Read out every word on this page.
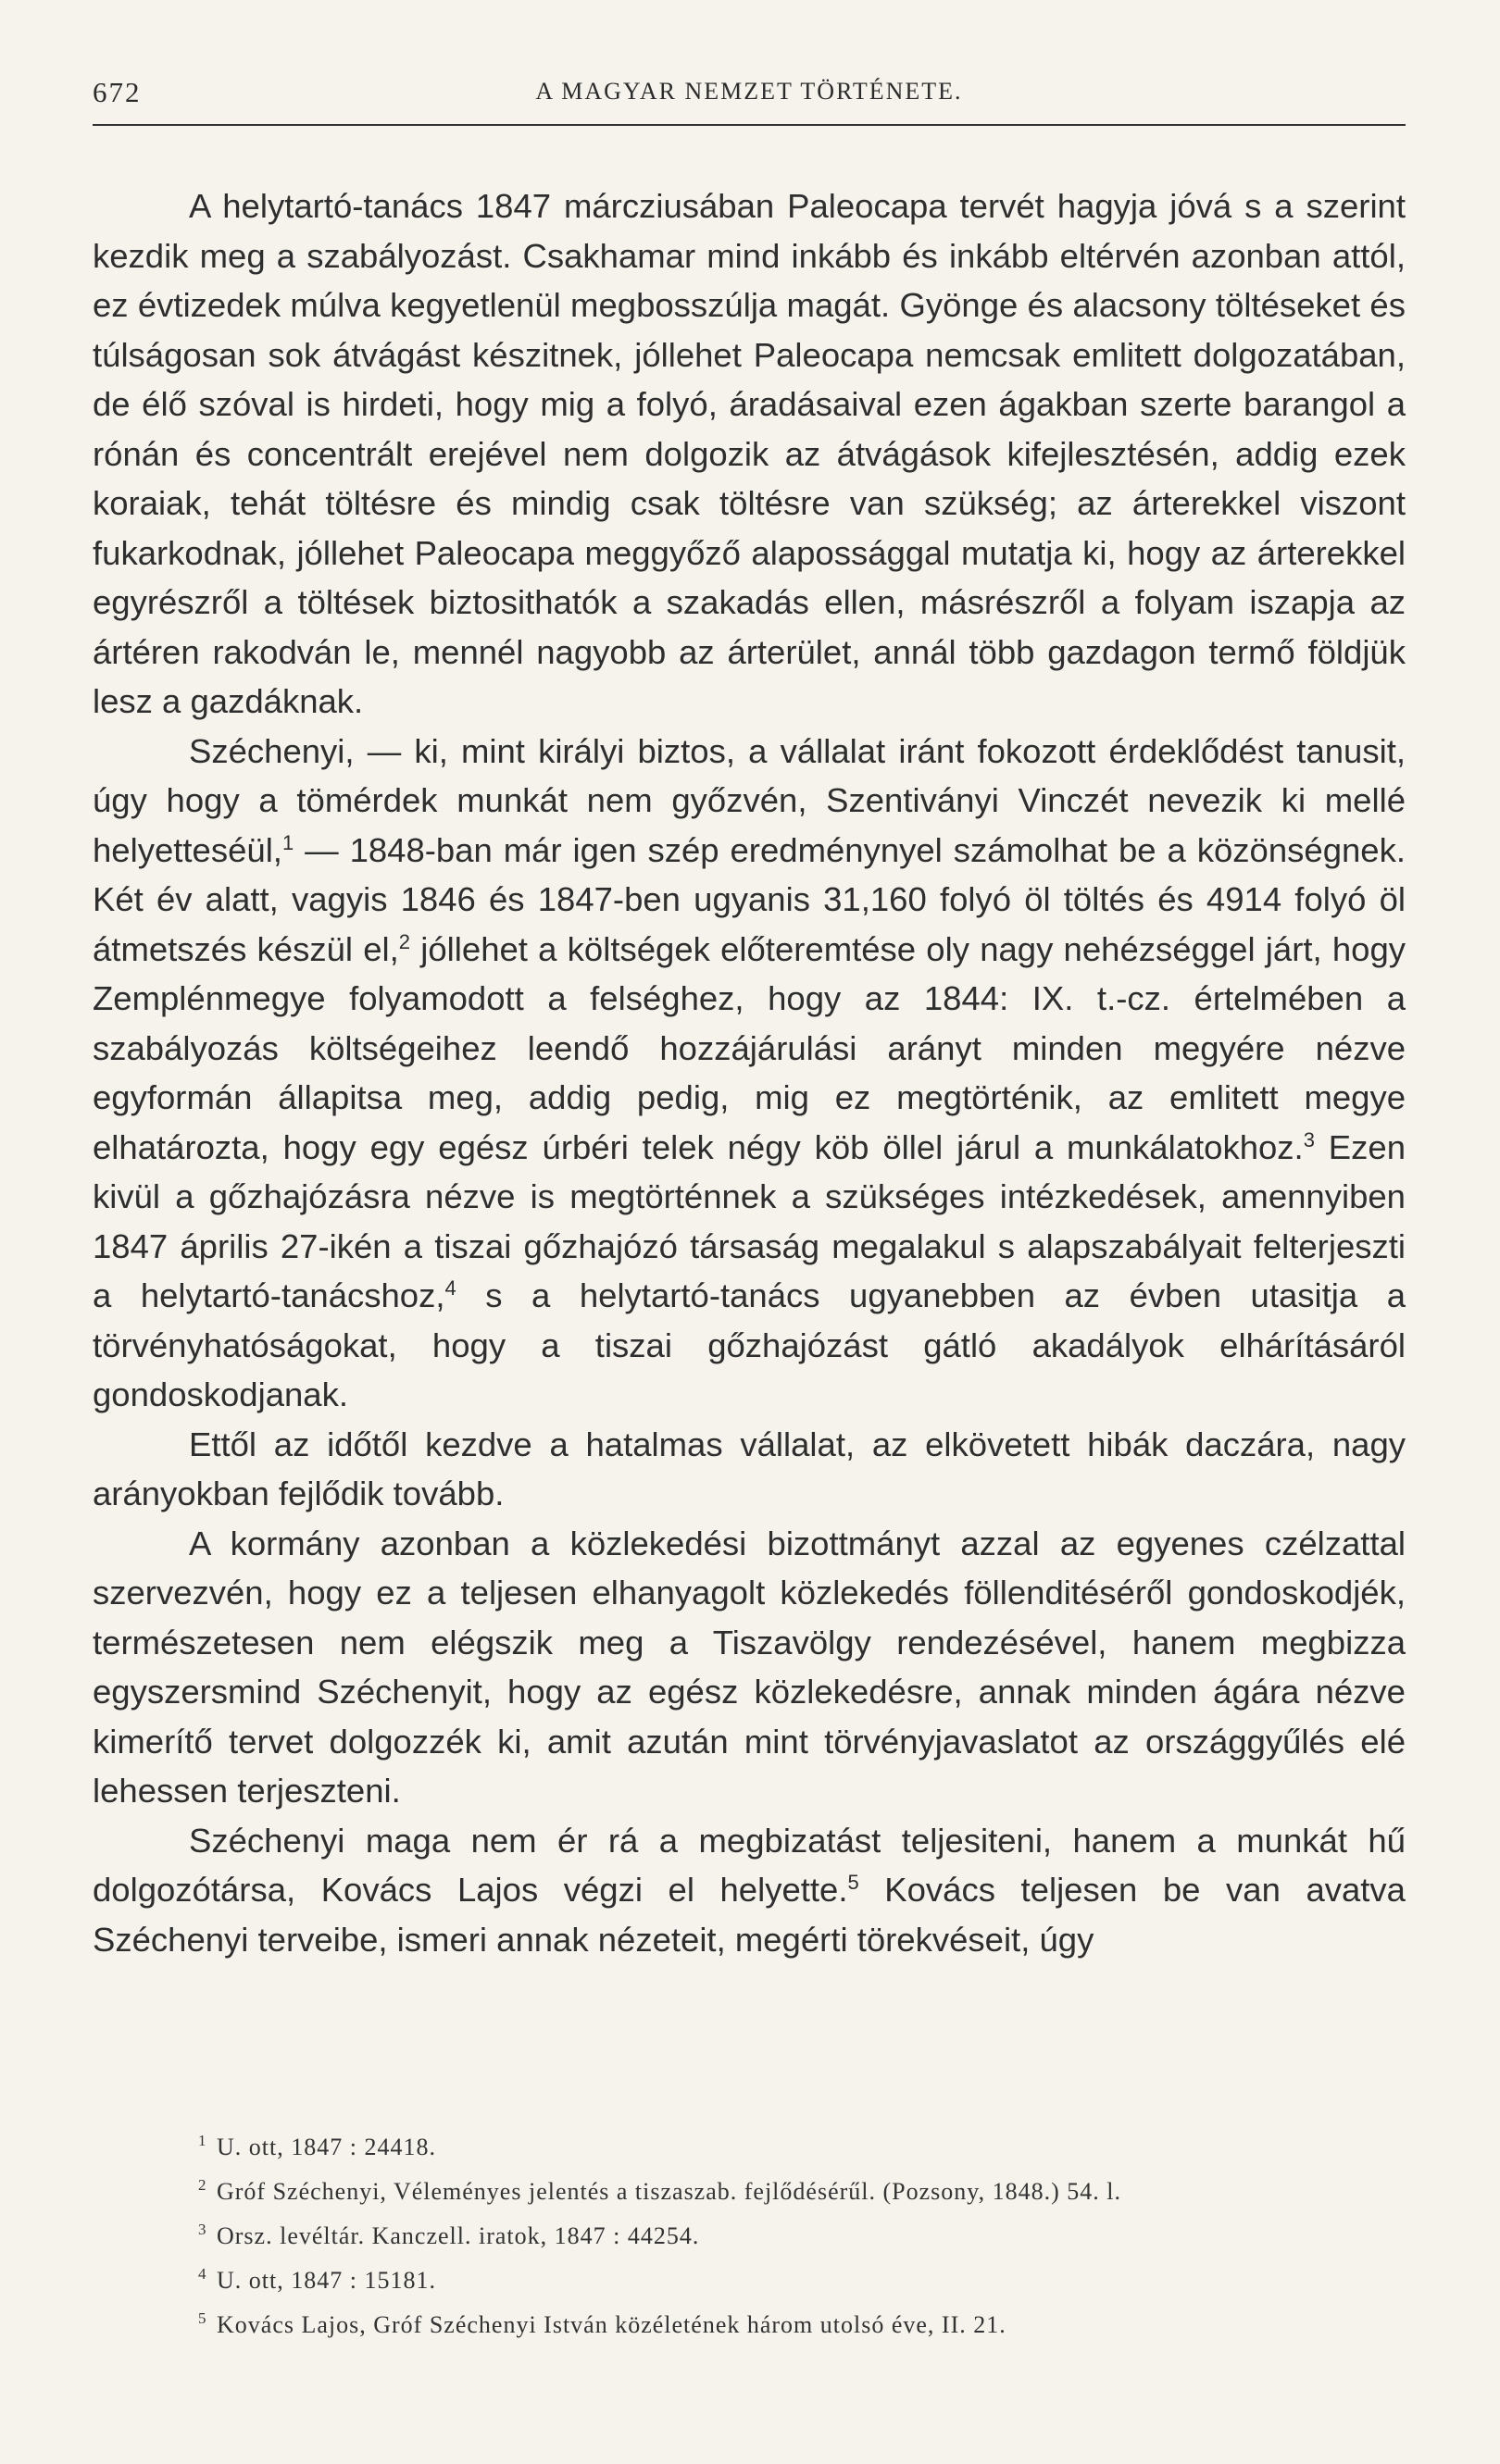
672	A MAGYAR NEMZET TÖRTÉNETE.

A helytartó-tanács 1847 márcziusában Paleocapa tervét hagyja jóvá s a szerint kezdik meg a szabályozást. Csakhamar mind inkább és inkább eltérvén azonban attól, ez évtizedek múlva kegyetlenül megbosszúlja magát. Gyönge és alacsony töltéseket és túlságosan sok átvágást készitnek, jóllehet Paleocapa nemcsak emlitett dolgozatában, de élő szóval is hirdeti, hogy mig a folyó, áradásaival ezen ágakban szerte barangol a rónán és concentrált erejével nem dolgozik az átvágások kifejlesztésén, addig ezek koraiak, tehát töltésre és mindig csak töltésre van szükség; az árterekkel viszont fukarkodnak, jóllehet Paleocapa meggyőző alapossággal mutatja ki, hogy az árterekkel egyrészről a töltések biztosithatók a szakadás ellen, másrészről a folyam iszapja az ártéren rakodván le, mennél nagyobb az árterület, annál több gazdagon termő földjük lesz a gazdáknak.

Széchenyi, — ki, mint királyi biztos, a vállalat iránt fokozott érdeklődést tanusit, úgy hogy a tömérdek munkát nem győzvén, Szentiványi Vinczét nevezik ki mellé helyetteséül,$^1$ — 1848-ban már igen szép eredménynyel számolhat be a közönségnek. Két év alatt, vagyis 1846 és 1847-ben ugyanis 31,160 folyó öl töltés és 4914 folyó öl átmetszés készül el,$^2$ jóllehet a költségek előteremtése oly nagy nehézséggel járt, hogy Zemplénmegye folyamodott a felséghez, hogy az 1844: IX. t.-cz. értelmében a szabályozás költségeihez leendő hozzájárulási arányt minden megyére nézve egyformán állapitsa meg, addig pedig, mig ez megtörténik, az emlitett megye elhatározta, hogy egy egész úrbéri telek négy köb öllel járul a munkálatokhoz.$^3$ Ezen kivül a gőzhajózásra nézve is megtörténnek a szükséges intézkedések, amennyiben 1847 április 27-ikén a tiszai gőzhajózó társaság megalakul s alapszabályait felterjeszti a helytartó-tanácshoz,$^4$ s a helytartó-tanács ugyanebben az évben utasitja a törvényhatóságokat, hogy a tiszai gőzhajózást gátló akadályok elhárításáról gondoskodjanak.

Ettől az időtől kezdve a hatalmas vállalat, az elkövetett hibák daczára, nagy arányokban fejlődik tovább.

A kormány azonban a közlekedési bizottmányt azzal az egyenes czélzattal szervezvén, hogy ez a teljesen elhanyagolt közlekedés föllenditéséről gondoskodjék, természetesen nem elégszik meg a Tiszavölgy rendezésével, hanem megbizza egyszersmind Széchenyit, hogy az egész közlekedésre, annak minden ágára nézve kimerítő tervet dolgozzék ki, amit azután mint törvényjavaslatot az országgyűlés elé lehessen terjeszteni.

Széchenyi maga nem ér rá a megbizatást teljesiteni, hanem a munkát hű dolgozótársa, Kovács Lajos végzi el helyette.$^5$ Kovács teljesen be van avatva Széchenyi terveibe, ismeri annak nézeteit, megérti törekvéseit, úgy

1 U. ott, 1847 : 24418.
2 Gróf Széchenyi, Véleményes jelentés a tiszaszab. fejlődésérűl. (Pozsony, 1848.) 54. l.
3 Orsz. levéltár. Kanczell. iratok, 1847 : 44254.
4 U. ott, 1847 : 15181.
5 Kovács Lajos, Gróf Széchenyi István közéletének három utolsó éve, II. 21.
